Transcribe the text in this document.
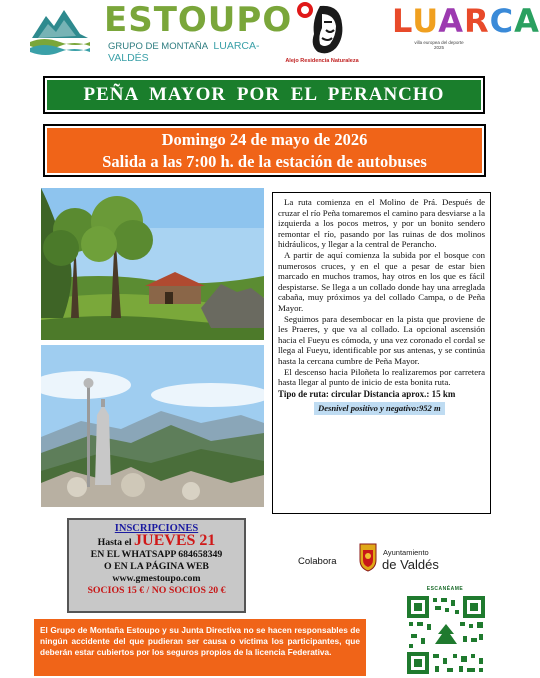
ESTOUPO
GRUPO DE MONTAÑA LUARCA-VALDÉS	Alejo Residencia Naturaleza
LUARCA
villa europea del deporte 2025
PEÑA MAYOR POR EL PERANCHO
Domingo 24 de mayo de 2026
Salida a las 7:00 h. de la estación de autobuses

La ruta comienza en el Molino de Prá. Después de cruzar el río Peña tomaremos el camino para desviarse a la izquierda a los pocos metros, y por un bonito sendero remontar el río, pasando por las ruinas de dos molinos hidráulicos, y llegar a la central de Perancho.

A partir de aquí comienza la subida por el bosque con numerosos cruces, y en el que a pesar de estar bien marcado en muchos tramos, hay otros en los que es fácil despistarse. Se llega a un collado donde hay una arreglada cabaña, muy próximos ya del collado Campa, o de Peña Mayor.

Seguimos para desembocar en la pista que proviene de les Praeres, y que va al collado. La opcional ascensión hacia el Fueyu es cómoda, y una vez coronado el cordal se llega al Fueyu, identificable por sus antenas, y se continúa hasta la cercana cumbre de Peña Mayor.

El descenso hacia Piloñeta lo realizaremos por carretera hasta llegar al punto de inicio de esta bonita ruta.

Tipo de ruta: circular Distancia aprox.: 15 km
Desnivel positivo y negativo:952 m
INSCRIPCIONES
Hasta el JUEVES 21
EN EL WHATSAPP 684658349
O EN LA PÁGINA WEB
www.gmestoupo.com
SOCIOS 15 € / NO SOCIOS 20 €
Colabora
Ayuntamiento
de Valdés
El Grupo de Montaña Estoupo y su Junta Directiva no se hacen responsables de ningún accidente del que pudieran ser causa o víctima los participantes, que deberán estar cubiertos por los seguros propios de la licencia Federativa.
ESCANÉAME
